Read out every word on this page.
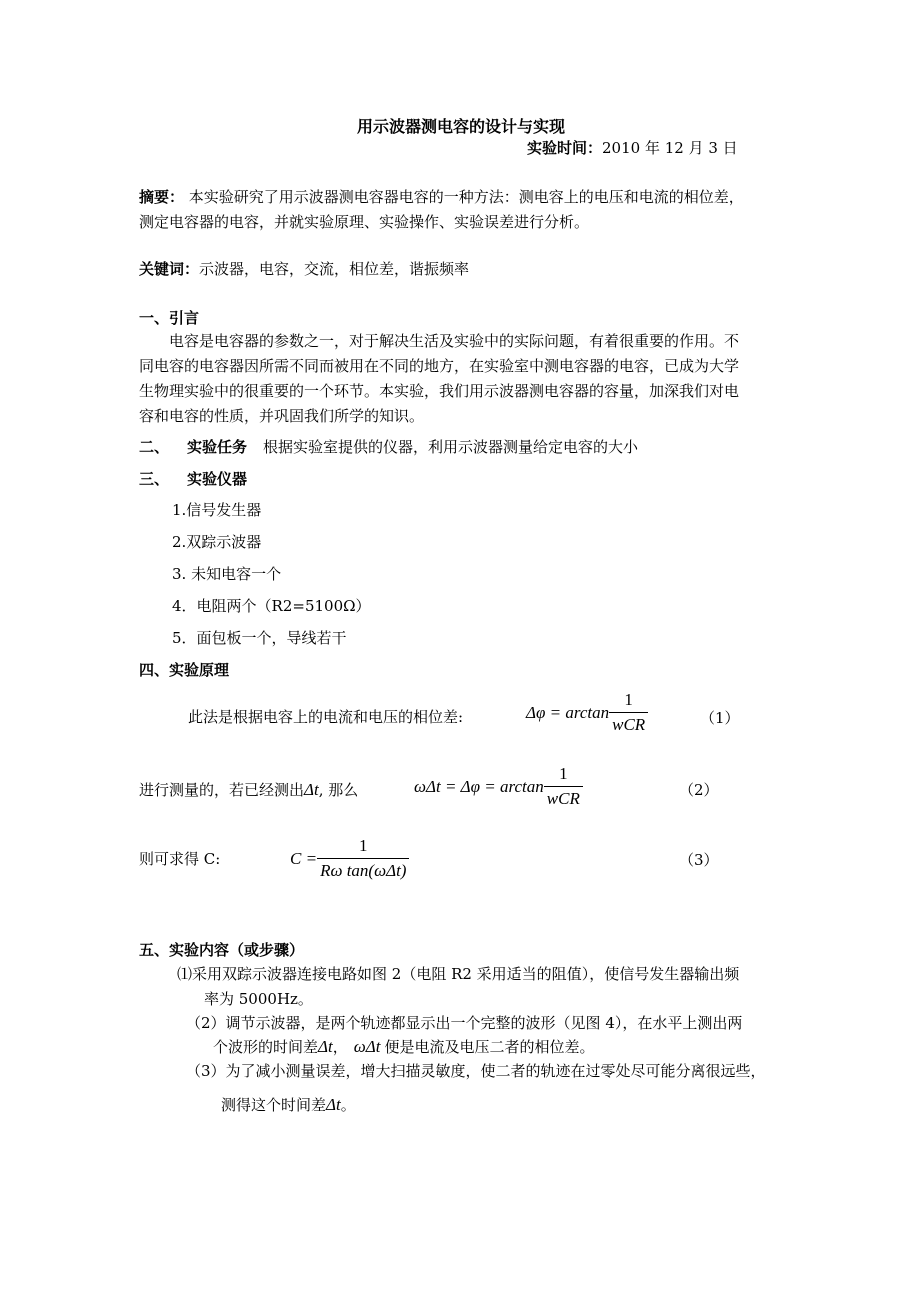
用示波器测电容的设计与实现
实验时间：2010 年 12 月 3 日
摘要： 本实验研究了用示波器测电容器电容的一种方法：测电容上的电压和电流的相位差，
测定电容器的电容，并就实验原理、实验操作、实验误差进行分析。
关键词：示波器，电容，交流，相位差，谐振频率
一、引言
电容是电容器的参数之一，对于解决生活及实验中的实际问题，有着很重要的作用。不
同电容的电容器因所需不同而被用在不同的地方，在实验室中测电容器的电容，已成为大学
生物理实验中的很重要的一个环节。本实验，我们用示波器测电容器的容量，加深我们对电
容和电容的性质，并巩固我们所学的知识。
二、 实验任务 根据实验室提供的仪器，利用示波器测量给定电容的大小
三、 实验仪器
1.信号发生器
2.双踪示波器
3. 未知电容一个
4．电阻两个（R2=5100Ω）
5．面包板一个，导线若干
四、实验原理
此法是根据电容上的电流和电压的相位差:	$\Delta\varphi = \arctan \frac{1}{\text{wCR}}$	（1）
进行测量的，若已经测出Δt, 那么	$\omega\Delta t = \Delta\varphi = \arctan \frac{1}{\text{wCR}}$	（2）
则可求得 C:	$C = \frac{1}{\text{Rω tan(ωΔt)}}$	（3）
五、实验内容（或步骤）
⑴采用双踪示波器连接电路如图 2（电阻 R2 采用适当的阻值），使信号发生器输出频
率为 5000Hz。
（2）调节示波器，是两个轨迹都显示出一个完整的波形（见图 4），在水平上测出两
个波形的时间差Δt， ωΔt 便是电流及电压二者的相位差。
（3）为了减小测量误差，增大扫描灵敏度，使二者的轨迹在过零处尽可能分离很远些，
测得这个时间差Δt。
